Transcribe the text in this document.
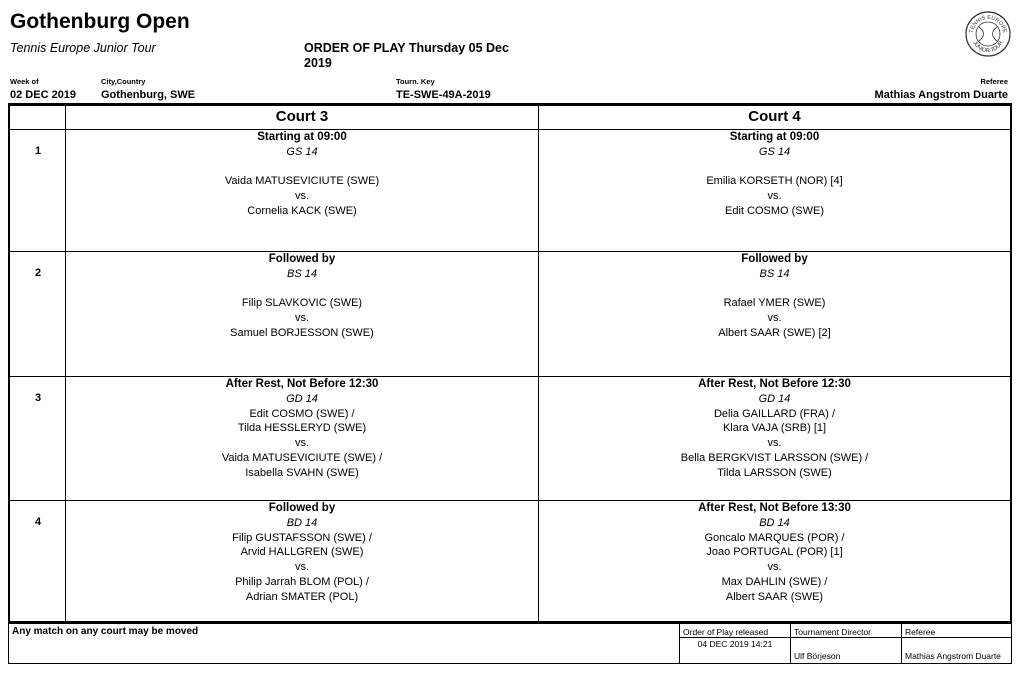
Gothenburg Open
Tennis Europe Junior Tour	ORDER OF PLAY Thursday 05 Dec
2019
TENNIS EUROPE
JUNIOR TOUR
Week of
02 DEC 2019
City,Country
Gothenburg, SWE
Tourn. Key
TE-SWE-49A-2019
Referee
Mathias Angstrom Duarte
Court 3	Court 4
1
Starting at 09:00
GS 14
Vaida MATUSEVICIUTE (SWE)
vs.
Cornelia KACK (SWE)
Starting at 09:00
GS 14
Emilia KORSETH (NOR) [4]
vs.
Edit COSMO (SWE)
2
Followed by
BS 14
Filip SLAVKOVIC (SWE)
vs.
Samuel BORJESSON (SWE)
Followed by
BS 14
Rafael YMER (SWE)
vs.
Albert SAAR (SWE) [2]
3
After Rest, Not Before 12:30
GD 14
Edit COSMO (SWE) /
Tilda HESSLERYD (SWE)
vs.
Vaida MATUSEVICIUTE (SWE) /
Isabella SVAHN (SWE)
After Rest, Not Before 12:30
GD 14
Delia GAILLARD (FRA) /
Klara VAJA (SRB) [1]
vs.
Bella BERGKVIST LARSSON (SWE) /
Tilda LARSSON (SWE)
4
Followed by
BD 14
Filip GUSTAFSSON (SWE) /
Arvid HALLGREN (SWE)
vs.
Philip Jarrah BLOM (POL) /
Adrian SMATER (POL)
After Rest, Not Before 13:30
BD 14
Goncalo MARQUES (POR) /
Joao PORTUGAL (POR) [1]
vs.
Max DAHLIN (SWE) /
Albert SAAR (SWE)
Any match on any court may be moved	Order of Play released
04 DEC 2019 14:21
Tournament Director
Ulf Börjeson
Referee
Mathias Angstrom Duarte
